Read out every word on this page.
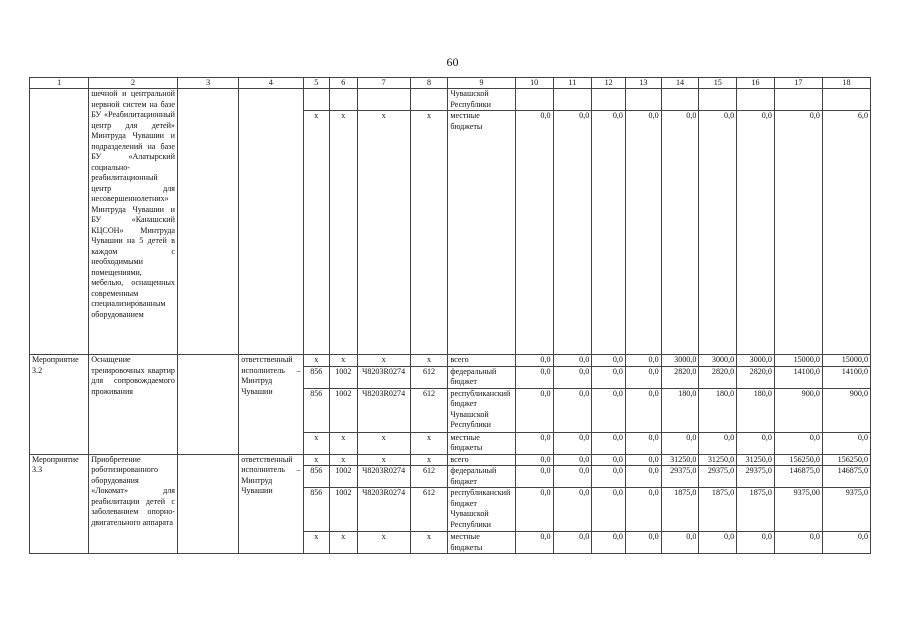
60
1	2	3	4	5	6	7	8	9	10	11	12	13	14	15	16	17	18
	шечной и центральной нервной систем на базе БУ «Реабилитационный центр для детей» Минтруда Чувашии и подразделений на базе БУ «Алатырский социально-реабилитационный центр для несовершеннолетних» Минтруда Чувашии и БУ «Канашский КЦСОН» Минтруда Чувашии на 5 детей в каждом с необходимыми помещениями, мебелью, оснащенных современным специализированным оборудованием							Чувашской Республики									
				x	x	x	x	местные бюджеты	0,0	0,0	0,0	0,0	0,0	0,0	0,0	0,0	6,0
Мероприятие 3.2	Оснащение тренировочных квартир для сопровождаемого проживания		ответственный исполнитель – Минтруд Чувашии	x	x	x	x	всего	0,0	0,0	0,0	0,0	3000,0	3000,0	3000,0	15000,0	15000,0
				856	1002	Ч8203R0274	612	федеральный бюджет	0,0	0,0	0,0	0,0	2820,0	2820,0	2820,0	14100,0	14100,0
				856	1002	Ч8203R0274	612	республиканский бюджет Чувашской Республики	0,0	0,0	0,0	0,0	180,0	180,0	180,0	900,0	900,0
				x	x	x	x	местные бюджеты	0,0	0,0	0,0	0,0	0,0	0,0	0,0	0,0	0,0
Мероприятие 3.3	Приобретение роботизированного оборудования «Локомат» для реабилитации детей с заболеванием опорно-двигательного аппарата		ответственный исполнитель – Минтруд Чувашии	x	x	x	x	всего	0,0	0,0	0,0	0,0	31250,0	31250,0	31250,0	156250,0	156250,0
				856	1002	Ч8203R0274	612	федеральный бюджет	0,0	0,0	0,0	0,0	29375,0	29375,0	29375,0	146875,0	146875,0
				856	1002	Ч8203R0274	612	республиканский бюджет Чувашской Республики	0,0	0,0	0,0	0,0	1875,0	1875,0	1875,0	9375,00	9375,0
				x	x	x	x	местные бюджеты	0,0	0,0	0,0	0,0	0,0	0,0	0,0	0,0	0,0
